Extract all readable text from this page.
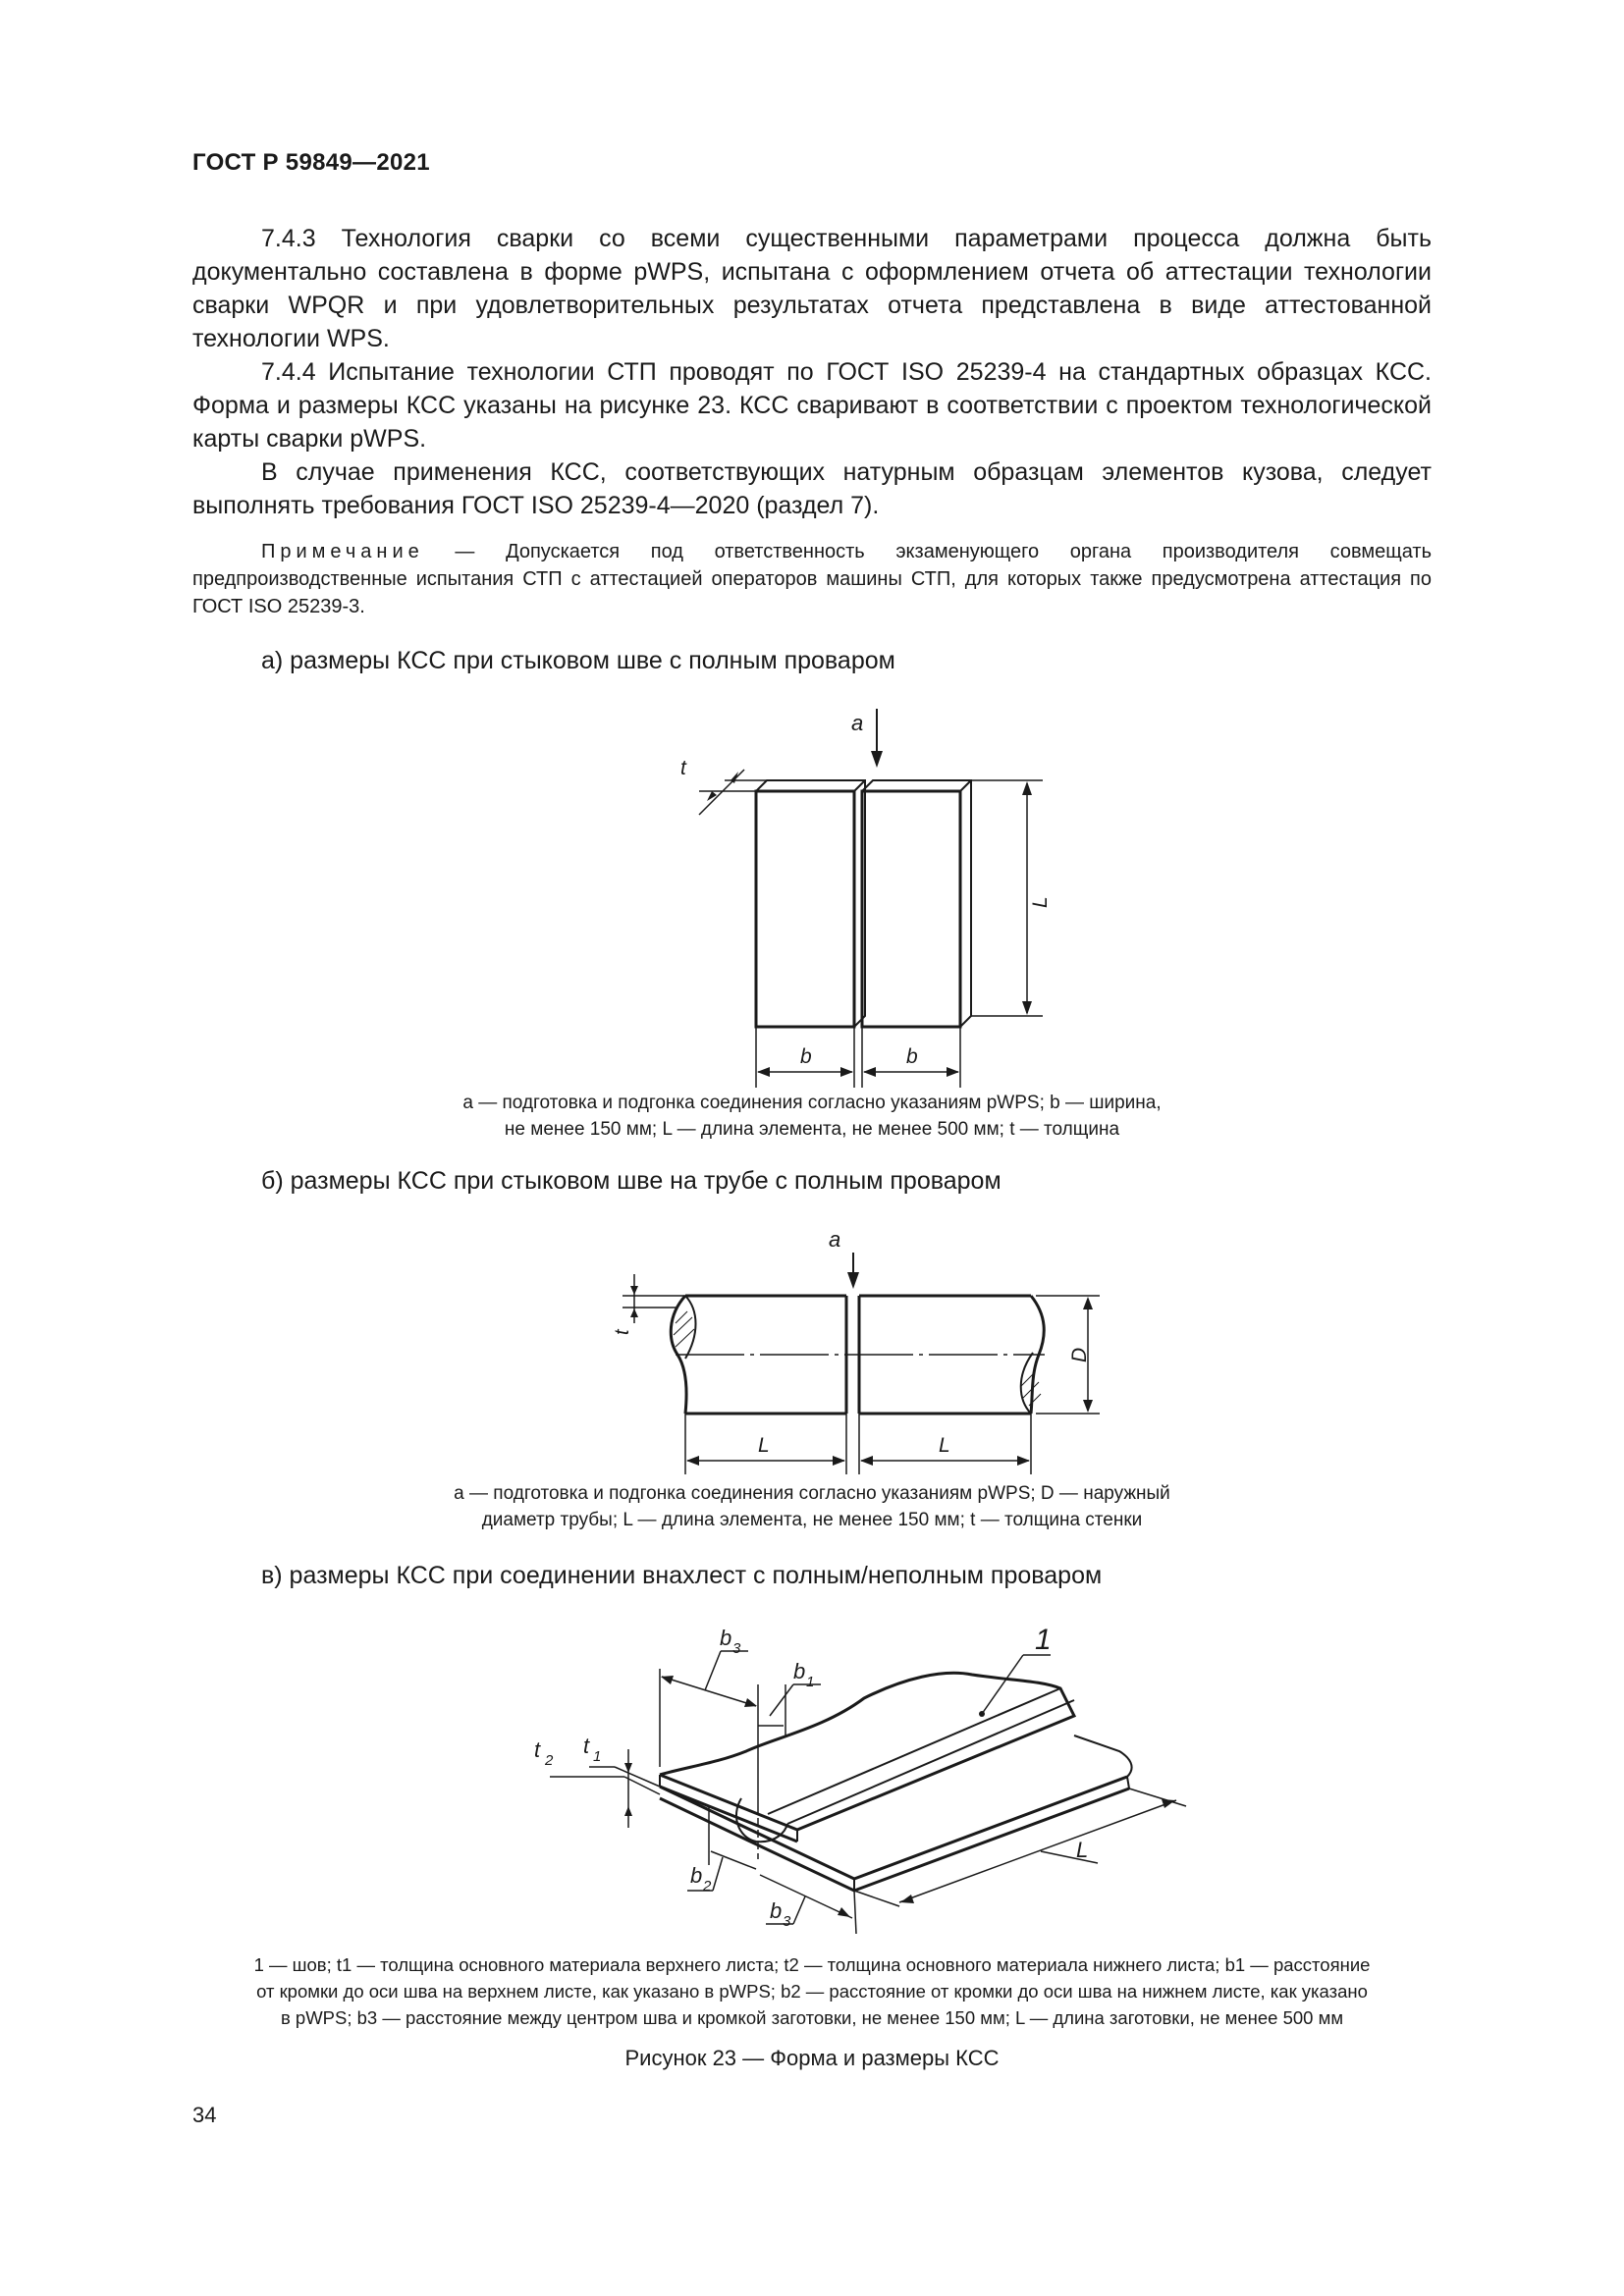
ГОСТ Р 59849—2021
7.4.3 Технология сварки со всеми существенными параметрами процесса должна быть документально составлена в форме pWPS, испытана с оформлением отчета об аттестации технологии сварки WPQR и при удовлетворительных результатах отчета представлена в виде аттестованной технологии WPS.
7.4.4 Испытание технологии СТП проводят по ГОСТ ISO 25239-4 на стандартных образцах КСС. Форма и размеры КСС указаны на рисунке 23. КСС сваривают в соответствии с проектом технологической карты сварки pWPS.
В случае применения КСС, соответствующих натурным образцам элементов кузова, следует выполнять требования ГОСТ ISO 25239-4—2020 (раздел 7).
Примечание — Допускается под ответственность экзаменующего органа производителя совмещать предпроизводственные испытания СТП с аттестацией операторов машины СТП, для которых также предусмотрена аттестация по ГОСТ ISO 25239-3.
а) размеры КСС при стыковом шве с полным проваром
a
t
L
b	b
a — подготовка и подгонка соединения согласно указаниям pWPS; b — ширина,
не менее 150 мм; L — длина элемента, не менее 500 мм; t — толщина
б) размеры КСС при стыковом шве на трубе с полным проваром
a
t
D
L	L
a — подготовка и подгонка соединения согласно указаниям pWPS; D — наружный
диаметр трубы; L — длина элемента, не менее 150 мм; t — толщина стенки
в) размеры КСС при соединении внахлест с полным/неполным проваром
1
b 3
b 1
t 2
t 1
b 2
b 3
L
1 — шов; t1 — толщина основного материала верхнего листа; t2 — толщина основного материала нижнего листа; b1 — расстояние
от кромки до оси шва на верхнем листе, как указано в pWPS; b2 — расстояние от кромки до оси шва на нижнем листе, как указано
в pWPS; b3 — расстояние между центром шва и кромкой заготовки, не менее 150 мм; L — длина заготовки, не менее 500 мм
Рисунок 23 — Форма и размеры КСС
34
